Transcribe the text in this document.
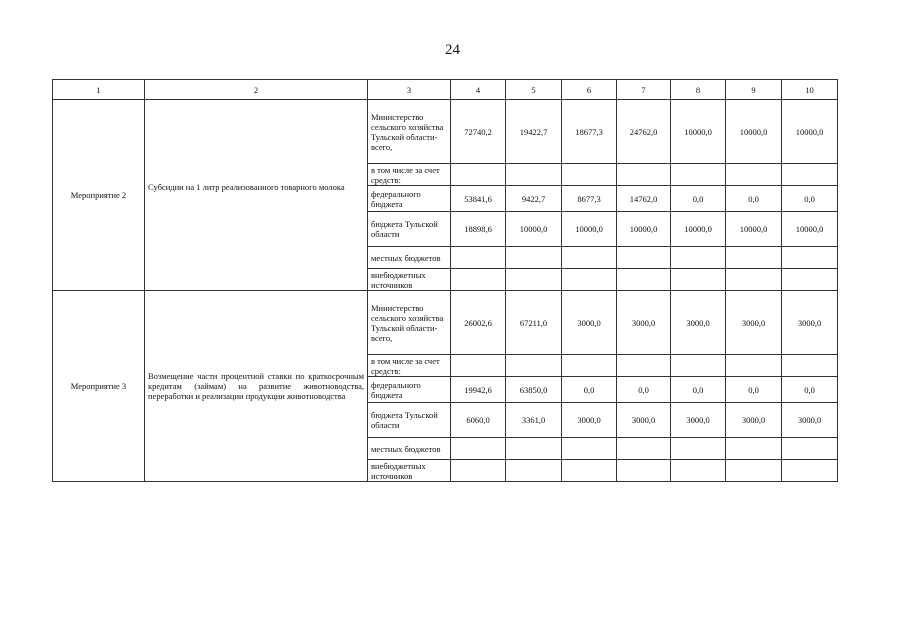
24
1	2	3	4	5	6	7	8	9	10
Мероприятие 2	Субсидии на 1 литр реализованного товарного молока	Министерство сельского хозяйства Тульской области- всего,	72740,2	19422,7	18677,3	24762,0	10000,0	10000,0	10000,0
		в том числе за счет средств:							
		федерального бюджета	53841,6	9422,7	8677,3	14762,0	0,0	0,0	0,0
		бюджета Тульской области	18898,6	10000,0	10000,0	10000,0	10000,0	10000,0	10000,0
		местных бюджетов							
		внебюджетных источников							
Мероприятие 3	Возмещение части процентной ставки по краткосрочным кредитам (займам) на развитие животноводства, переработки и реализации продукции животноводства	Министерство сельского хозяйства Тульской области- всего,	26002,6	67211,0	3000,0	3000,0	3000,0	3000,0	3000,0
		в том числе за счет средств:							
		федерального бюджета	19942,6	63850,0	0,0	0,0	0,0	0,0	0,0
		бюджета Тульской области	6060,0	3361,0	3000,0	3000,0	3000,0	3000,0	3000,0
		местных бюджетов							
		внебюджетных источников							
